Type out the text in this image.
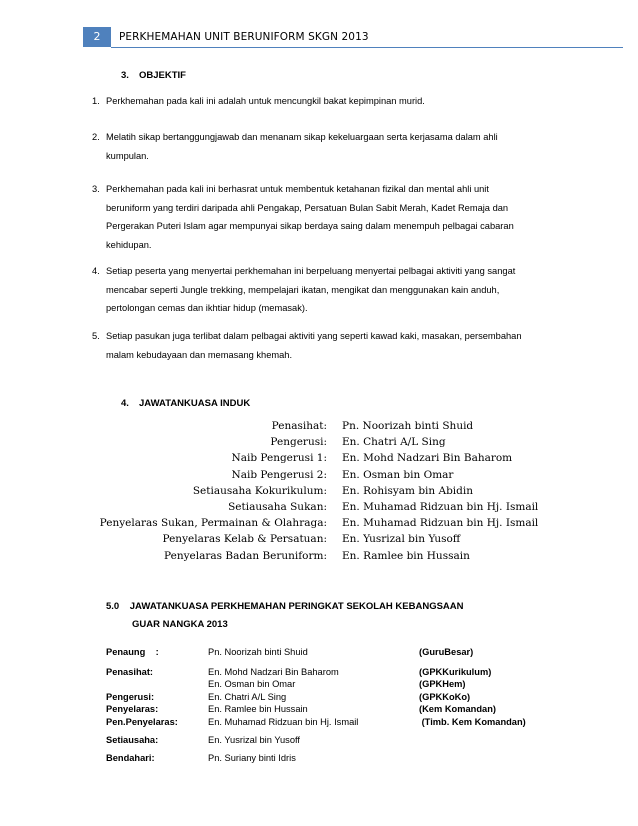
2	PERKHEMAHAN UNIT BERUNIFORM SKGN 2013
3. OBJEKTIF
1. Perkhemahan pada kali ini adalah untuk mencungkil bakat kepimpinan murid.
2. Melatih sikap bertanggungjawab dan menanam sikap kekeluargaan serta kerjasama dalam ahli
kumpulan.
3. Perkhemahan pada kali ini berhasrat untuk membentuk ketahanan fizikal dan mental ahli unit
beruniform yang terdiri daripada ahli Pengakap, Persatuan Bulan Sabit Merah, Kadet Remaja dan
Pergerakan Puteri Islam agar mempunyai sikap berdaya saing dalam menempuh pelbagai cabaran
kehidupan.
4. Setiap peserta yang menyertai perkhemahan ini berpeluang menyertai pelbagai aktiviti yang sangat
mencabar seperti Jungle trekking, mempelajari ikatan, mengikat dan menggunakan kain anduh,
pertolongan cemas dan ikhtiar hidup (memasak).
5. Setiap pasukan juga terlibat dalam pelbagai aktiviti yang seperti kawad kaki, masakan, persembahan
malam kebudayaan dan memasang khemah.
4. JAWATANKUASA INDUK
Penasihat: Pn. Noorizah binti Shuid
Pengerusi: En. Chatri A/L Sing
Naib Pengerusi 1: En. Mohd Nadzari Bin Baharom
Naib Pengerusi 2: En. Osman bin Omar
Setiausaha Kokurikulum: En. Rohisyam bin Abidin
Setiausaha Sukan: En. Muhamad Ridzuan bin Hj. Ismail
Penyelaras Sukan, Permainan & Olahraga: En. Muhamad Ridzuan bin Hj. Ismail
Penyelaras Kelab & Persatuan: En. Yusrizal bin Yusoff
Penyelaras Badan Beruniform: En. Ramlee bin Hussain
5.0    JAWATANKUASA PERKHEMAHAN PERINGKAT SEKOLAH KEBANGSAAN
GUAR NANGKA 2013
Penaung    :	Pn. Noorizah binti Shuid	(GuruBesar)
Penasihat:	En. Mohd Nadzari Bin Baharom	(GPKKurikulum)
En. Osman bin Omar	(GPKHem)
Pengerusi:	En. Chatri A/L Sing	(GPKKoKo)
Penyelaras:	En. Ramlee bin Hussain	(Kem Komandan)
Pen.Penyelaras:	En. Muhamad Ridzuan bin Hj. Ismail	(Timb. Kem Komandan)
Setiausaha:	En. Yusrizal bin Yusoff
Bendahari:	Pn. Suriany binti Idris
